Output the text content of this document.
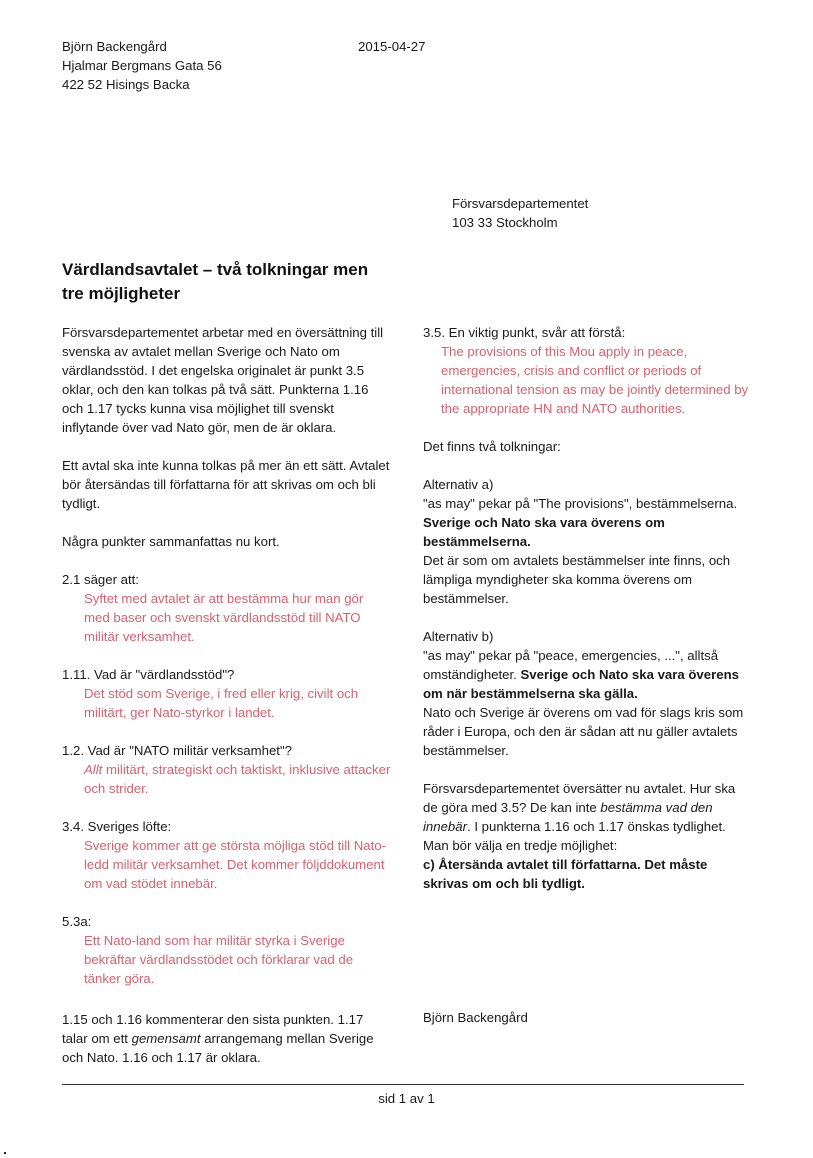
Björn Backengård
Hjalmar Bergmans Gata 56
422 52 Hisings Backa
2015-04-27
Försvarsdepartementet
103 33 Stockholm
Värdlandsavtalet – två tolkningar men tre möjligheter

Försvarsdepartementet arbetar med en översättning till svenska av avtalet mellan Sverige och Nato om värdlandsstöd. I det engelska originalet är punkt 3.5 oklar, och den kan tolkas på två sätt. Punkterna 1.16 och 1.17 tycks kunna visa möjlighet till svenskt inflytande över vad Nato gör, men de är oklara.

Ett avtal ska inte kunna tolkas på mer än ett sätt. Avtalet bör återsändas till författarna för att skrivas om och bli tydligt.

Några punkter sammanfattas nu kort.

2.1 säger att:

Syftet med avtalet är att bestämma hur man gör med baser och svenskt värdlandsstöd till NATO militär verksamhet.

1.11. Vad är "värdlandsstöd"?

Det stöd som Sverige, i fred eller krig, civilt och militärt, ger Nato-styrkor i landet.

1.2. Vad är "NATO militär verksamhet"?

Allt militärt, strategiskt och taktiskt, inklusive attacker och strider.

3.4. Sveriges löfte:

Sverige kommer att ge största möjliga stöd till Nato-ledd militär verksamhet. Det kommer följddokument om vad stödet innebär.

5.3a:

Ett Nato-land som har militär styrka i Sverige bekräftar värdlandsstödet och förklarar vad de tänker göra.

1.15 och 1.16 kommenterar den sista punkten. 1.17 talar om ett gemensamt arrangemang mellan Sverige och Nato. 1.16 och 1.17 är oklara.

3.5. En viktig punkt, svår att förstå:

The provisions of this Mou apply in peace, emergencies, crisis and conflict or periods of international tension as may be jointly determined by the appropriate HN and NATO authorities.

Det finns två tolkningar:

Alternativ a)

"as may" pekar på "The provisions", bestämmelserna. Sverige och Nato ska vara överens om bestämmelserna.

Det är som om avtalets bestämmelser inte finns, och lämpliga myndigheter ska komma överens om bestämmelser.

Alternativ b)

"as may" pekar på "peace, emergencies, ...", alltså omständigheter. Sverige och Nato ska vara överens om när bestämmelserna ska gälla.

Nato och Sverige är överens om vad för slags kris som råder i Europa, och den är sådan att nu gäller avtalets bestämmelser.

Försvarsdepartementet översätter nu avtalet. Hur ska de göra med 3.5? De kan inte bestämma vad den innebär. I punkterna 1.16 och 1.17 önskas tydlighet. Man bör välja en tredje möjlighet:

c) Återsända avtalet till författarna. Det måste skrivas om och bli tydligt.

Björn Backengård
sid 1 av 1
